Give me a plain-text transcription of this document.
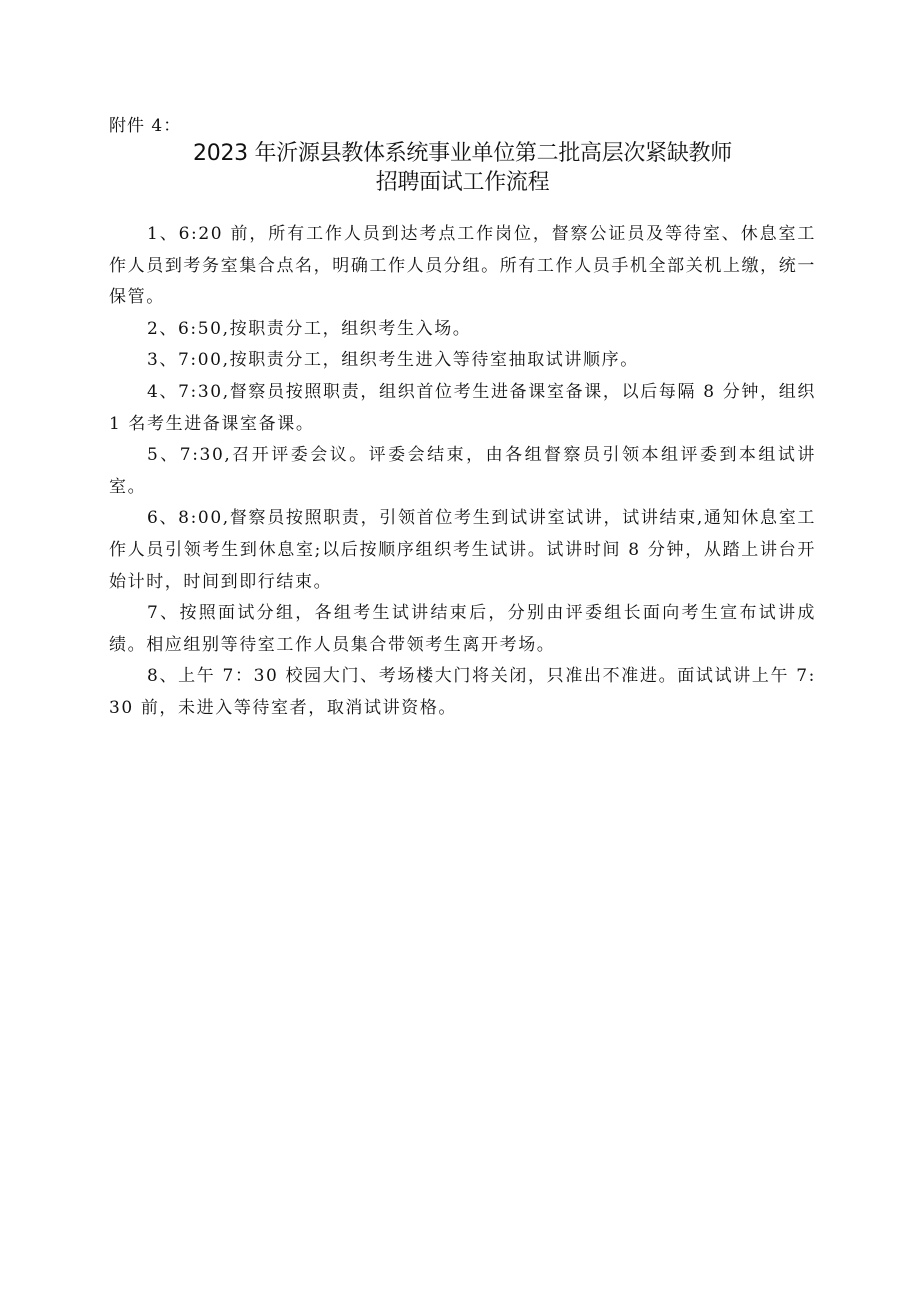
附件 4：
2023 年沂源县教体系统事业单位第二批高层次紧缺教师
招聘面试工作流程

1、6:20 前，所有工作人员到达考点工作岗位，督察公证员及等待室、休息室工作人员到考务室集合点名，明确工作人员分组。所有工作人员手机全部关机上缴，统一保管。

2、6:50,按职责分工，组织考生入场。

3、7:00,按职责分工，组织考生进入等待室抽取试讲顺序。

4、7:30,督察员按照职责，组织首位考生进备课室备课，以后每隔 8 分钟，组织 1 名考生进备课室备课。

5、7:30,召开评委会议。评委会结束，由各组督察员引领本组评委到本组试讲室。

6、8:00,督察员按照职责，引领首位考生到试讲室试讲，试讲结束,通知休息室工作人员引领考生到休息室;以后按顺序组织考生试讲。试讲时间 8 分钟，从踏上讲台开始计时，时间到即行结束。

7、按照面试分组，各组考生试讲结束后，分别由评委组长面向考生宣布试讲成绩。相应组别等待室工作人员集合带领考生离开考场。

8、上午 7：30 校园大门、考场楼大门将关闭，只准出不准进。面试试讲上午 7:30 前，未进入等待室者，取消试讲资格。
